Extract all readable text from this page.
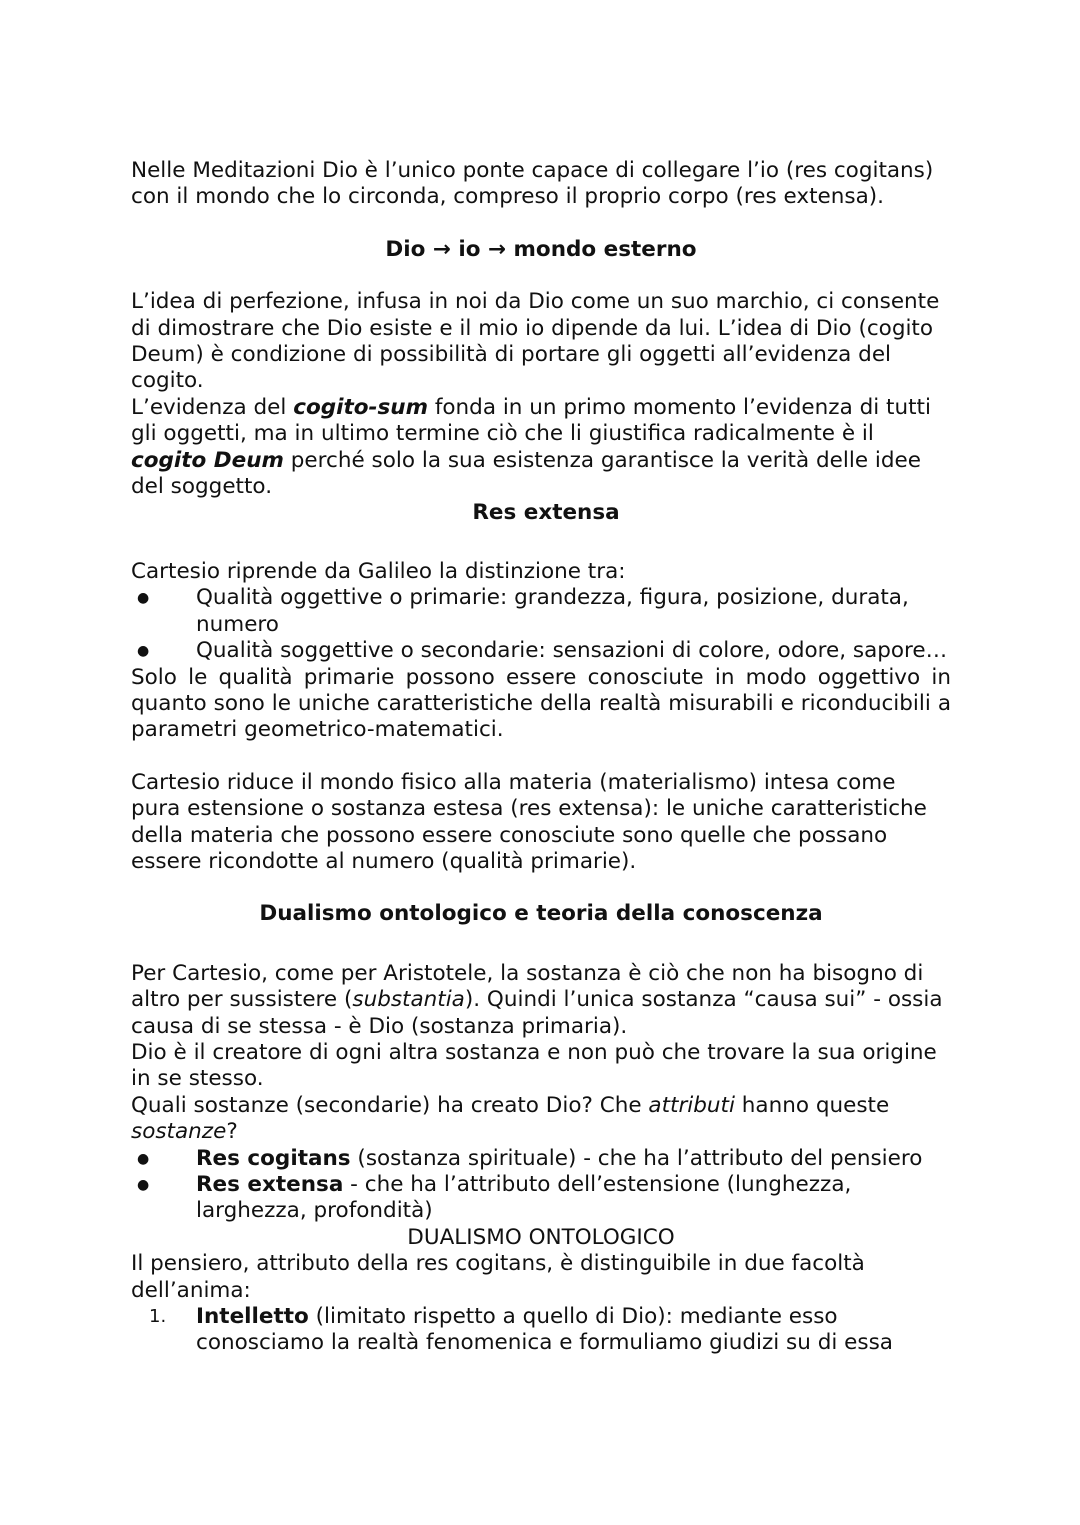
Nelle Meditazioni Dio è l’unico ponte capace di collegare l’io (res cogitans) con il mondo che lo circonda, compreso il proprio corpo (res extensa).

Dio → io → mondo esterno

L’idea di perfezione, infusa in noi da Dio come un suo marchio, ci consente di dimostrare che Dio esiste e il mio io dipende da lui. L’idea di Dio (cogito Deum) è condizione di possibilità di portare gli oggetti all’evidenza del cogito.

L’evidenza del cogito-sum fonda in un primo momento l’evidenza di tutti gli oggetti, ma in ultimo termine ciò che li giustifica radicalmente è il cogito Deum perché solo la sua esistenza garantisce la verità delle idee del soggetto.

Res extensa

Cartesio riprende da Galileo la distinzione tra:

● Qualità oggettive o primarie: grandezza, figura, posizione, durata, numero
● Qualità soggettive o secondarie: sensazioni di colore, odore, sapore…

Solo le qualità primarie possono essere conosciute in modo oggettivo in quanto sono le uniche caratteristiche della realtà misurabili e riconducibili a parametri geometrico-matematici.

Cartesio riduce il mondo fisico alla materia (materialismo) intesa come pura estensione o sostanza estesa (res extensa): le uniche caratteristiche della materia che possono essere conosciute sono quelle che possano essere ricondotte al numero (qualità primarie).

Dualismo ontologico e teoria della conoscenza

Per Cartesio, come per Aristotele, la sostanza è ciò che non ha bisogno di altro per sussistere (substantia). Quindi l’unica sostanza “causa sui” - ossia causa di se stessa - è Dio (sostanza primaria).

Dio è il creatore di ogni altra sostanza e non può che trovare la sua origine in se stesso.

Quali sostanze (secondarie) ha creato Dio? Che attributi hanno queste sostanze?

● Res cogitans (sostanza spirituale) - che ha l’attributo del pensiero
● Res extensa - che ha l’attributo dell’estensione (lunghezza, larghezza, profondità)

DUALISMO ONTOLOGICO

Il pensiero, attributo della res cogitans, è distinguibile in due facoltà dell’anima:

1. Intelletto (limitato rispetto a quello di Dio): mediante esso conosciamo la realtà fenomenica e formuliamo giudizi su di essa
